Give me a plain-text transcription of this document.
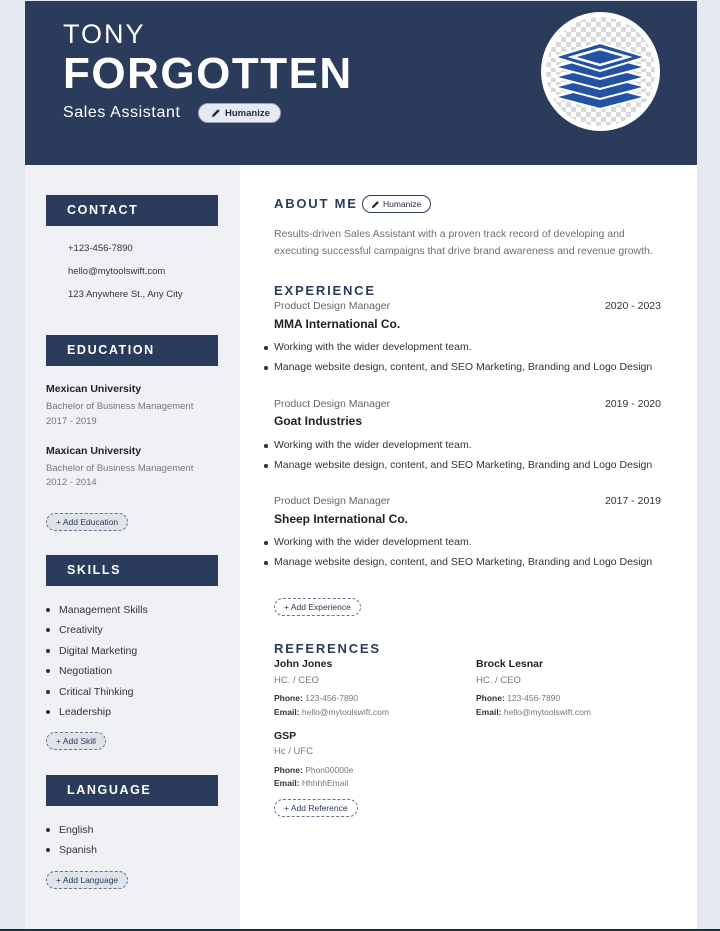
TONY
FORGOTTEN
Sales Assistant	Humanize
CONTACT
+123-456-7890
hello@mytoolswift.com
123 Anywhere St., Any City
EDUCATION
Mexican University
Bachelor of Business Management
2017 - 2019
Maxican University
Bachelor of Business Management
2012 - 2014
+ Add Education
SKILLS
Management Skills
Creativity
Digital Marketing
Negotiation
Critical Thinking
Leadership
+ Add Skill
LANGUAGE
English
Spanish
+ Add Language
ABOUT ME	Humanize
Results-driven Sales Assistant with a proven track record of developing and executing successful campaigns that drive brand awareness and revenue growth.
EXPERIENCE
Product Design Manager	2020 - 2023
MMA International Co.
Working with the wider development team.
Manage website design, content, and SEO Marketing, Branding and Logo Design
Product Design Manager	2019 - 2020
Goat Industries
Working with the wider development team.
Manage website design, content, and SEO Marketing, Branding and Logo Design
Product Design Manager	2017 - 2019
Sheep International Co.
Working with the wider development team.
Manage website design, content, and SEO Marketing, Branding and Logo Design
+ Add Experience
REFERENCES
John Jones
HC. / CEO
Phone: 123-456-7890
Email: hello@mytoolswift.com
Brock Lesnar
HC. / CEO
Phone: 123-456-7890
Email: hello@mytoolswift.com
GSP
Hc / UFC
Phone: Phon00000e
Email: HhhhhEmail
+ Add Reference
